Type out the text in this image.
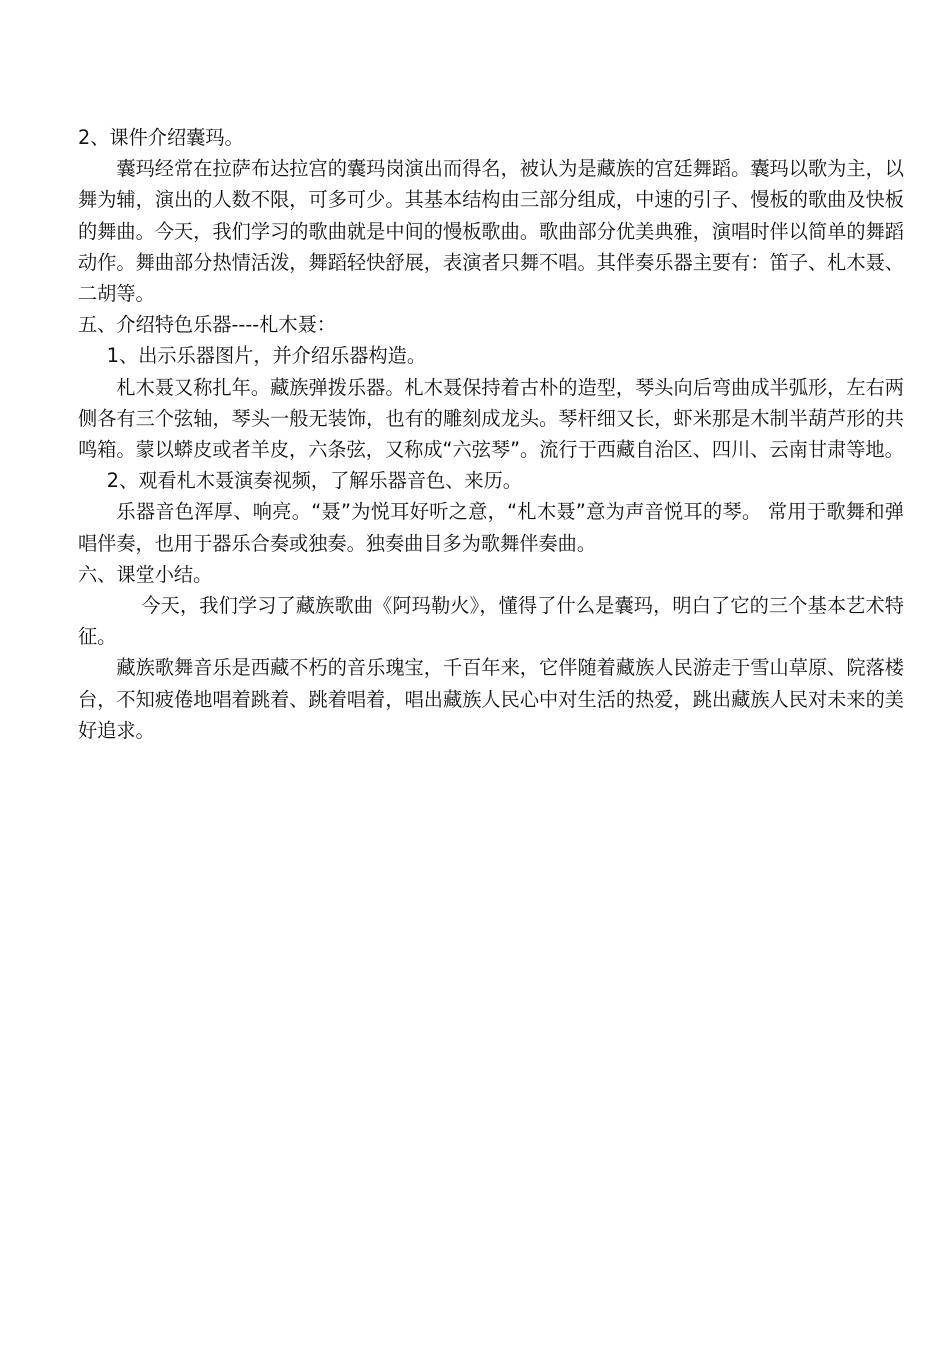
2、课件介绍囊玛。

囊玛经常在拉萨布达拉宫的囊玛岗演出而得名，被认为是藏族的宫廷舞蹈。囊玛以歌为主，以舞为辅，演出的人数不限，可多可少。其基本结构由三部分组成，中速的引子、慢板的歌曲及快板的舞曲。今天，我们学习的歌曲就是中间的慢板歌曲。歌曲部分优美典雅，演唱时伴以简单的舞蹈动作。舞曲部分热情活泼，舞蹈轻快舒展，表演者只舞不唱。其伴奏乐器主要有：笛子、札木聂、二胡等。

五、介绍特色乐器----札木聂：

1、出示乐器图片，并介绍乐器构造。

札木聂又称扎年。藏族弹拨乐器。札木聂保持着古朴的造型，琴头向后弯曲成半弧形，左右两侧各有三个弦轴，琴头一般无装饰，也有的雕刻成龙头。琴杆细又长，虾米那是木制半葫芦形的共鸣箱。蒙以蟒皮或者羊皮，六条弦，又称成“六弦琴”。流行于西藏自治区、四川、云南甘肃等地。

2、观看札木聂演奏视频，了解乐器音色、来历。

乐器音色浑厚、响亮。“聂”为悦耳好听之意，“札木聂”意为声音悦耳的琴。 常用于歌舞和弹唱伴奏，也用于器乐合奏或独奏。独奏曲目多为歌舞伴奏曲。

六、课堂小结。

今天，我们学习了藏族歌曲《阿玛勒火》，懂得了什么是囊玛，明白了它的三个基本艺术特征。

藏族歌舞音乐是西藏不朽的音乐瑰宝，千百年来，它伴随着藏族人民游走于雪山草原、院落楼台，不知疲倦地唱着跳着、跳着唱着，唱出藏族人民心中对生活的热爱，跳出藏族人民对未来的美好追求。
